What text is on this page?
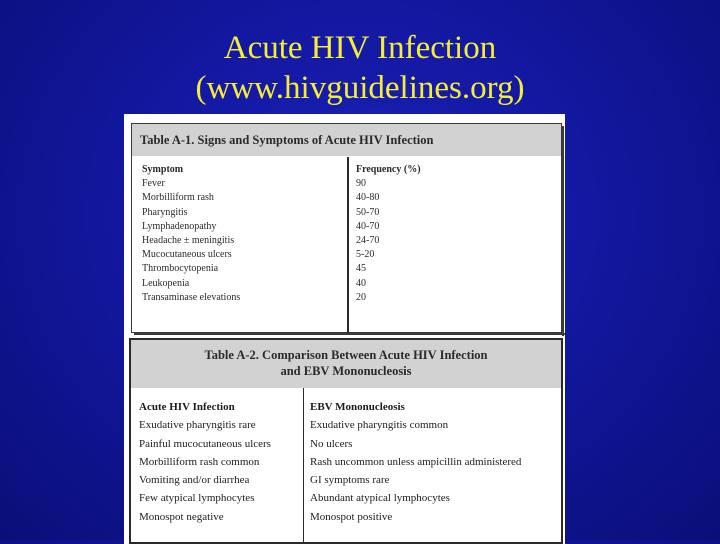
Acute HIV Infection
(www.hivguidelines.org)
Table A-1. Signs and Symptoms of Acute HIV Infection
Symptom
Fever
Morbilliform rash
Pharyngitis
Lymphadenopathy
Headache ± meningitis
Mucocutaneous ulcers
Thrombocytopenia
Leukopenia
Transaminase elevations
Frequency (%)
90
40-80
50-70
40-70
24-70
5-20
45
40
20
Table A-2. Comparison Between Acute HIV Infection
and EBV Mononucleosis
Acute HIV Infection
Exudative pharyngitis rare
Painful mucocutaneous ulcers
Morbilliform rash common
Vomiting and/or diarrhea
Few atypical lymphocytes
Monospot negative
EBV Mononucleosis
Exudative pharyngitis common
No ulcers
Rash uncommon unless ampicillin administered
GI symptoms rare
Abundant atypical lymphocytes
Monospot positive
